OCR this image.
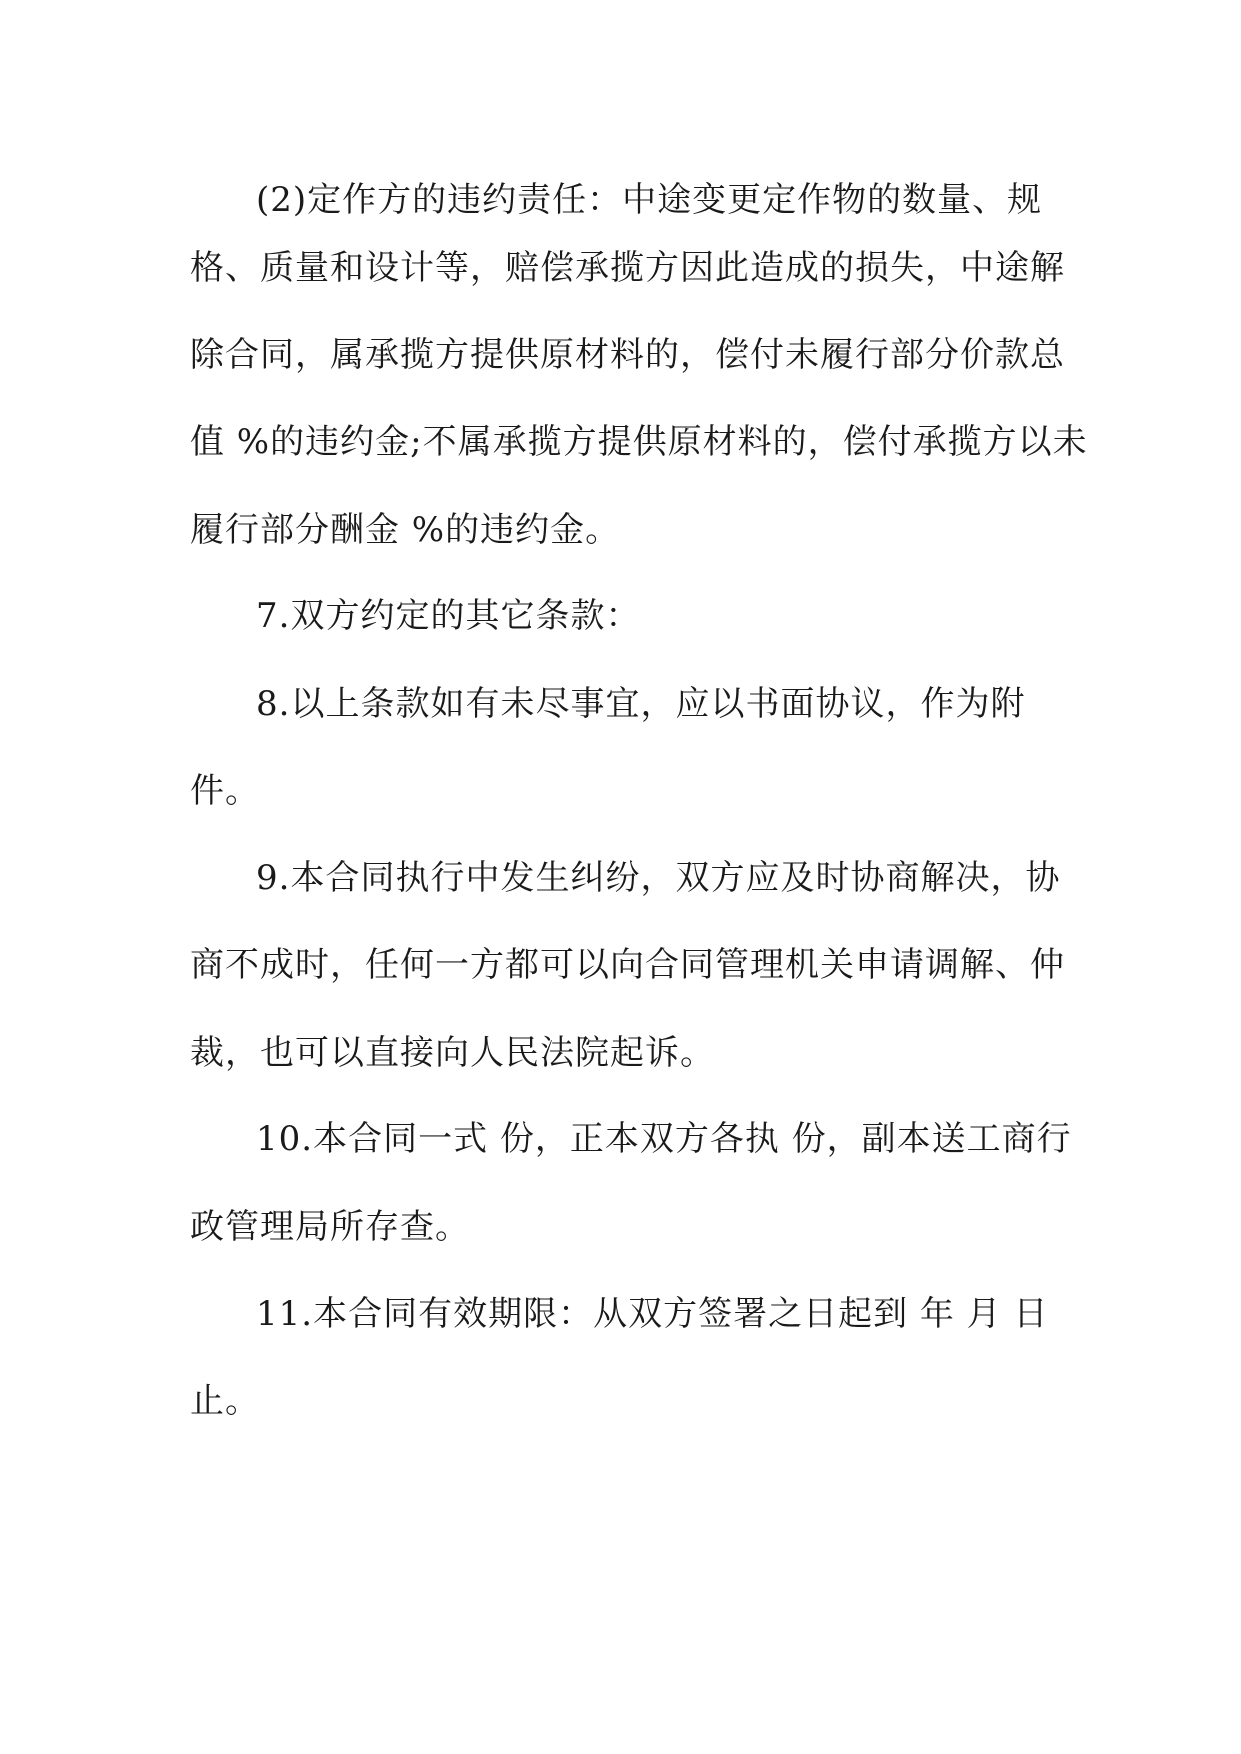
(2)定作方的违约责任：中途变更定作物的数量、规
格、质量和设计等，赔偿承揽方因此造成的损失，中途解
除合同，属承揽方提供原材料的，偿付未履行部分价款总
值 %的违约金;不属承揽方提供原材料的，偿付承揽方以未
履行部分酬金 %的违约金。
7.双方约定的其它条款：
8.以上条款如有未尽事宜，应以书面协议，作为附
件。
9.本合同执行中发生纠纷，双方应及时协商解决，协
商不成时，任何一方都可以向合同管理机关申请调解、仲
裁，也可以直接向人民法院起诉。
10.本合同一式 份，正本双方各执 份，副本送工商行
政管理局所存查。
11.本合同有效期限：从双方签署之日起到 年 月 日
止。
